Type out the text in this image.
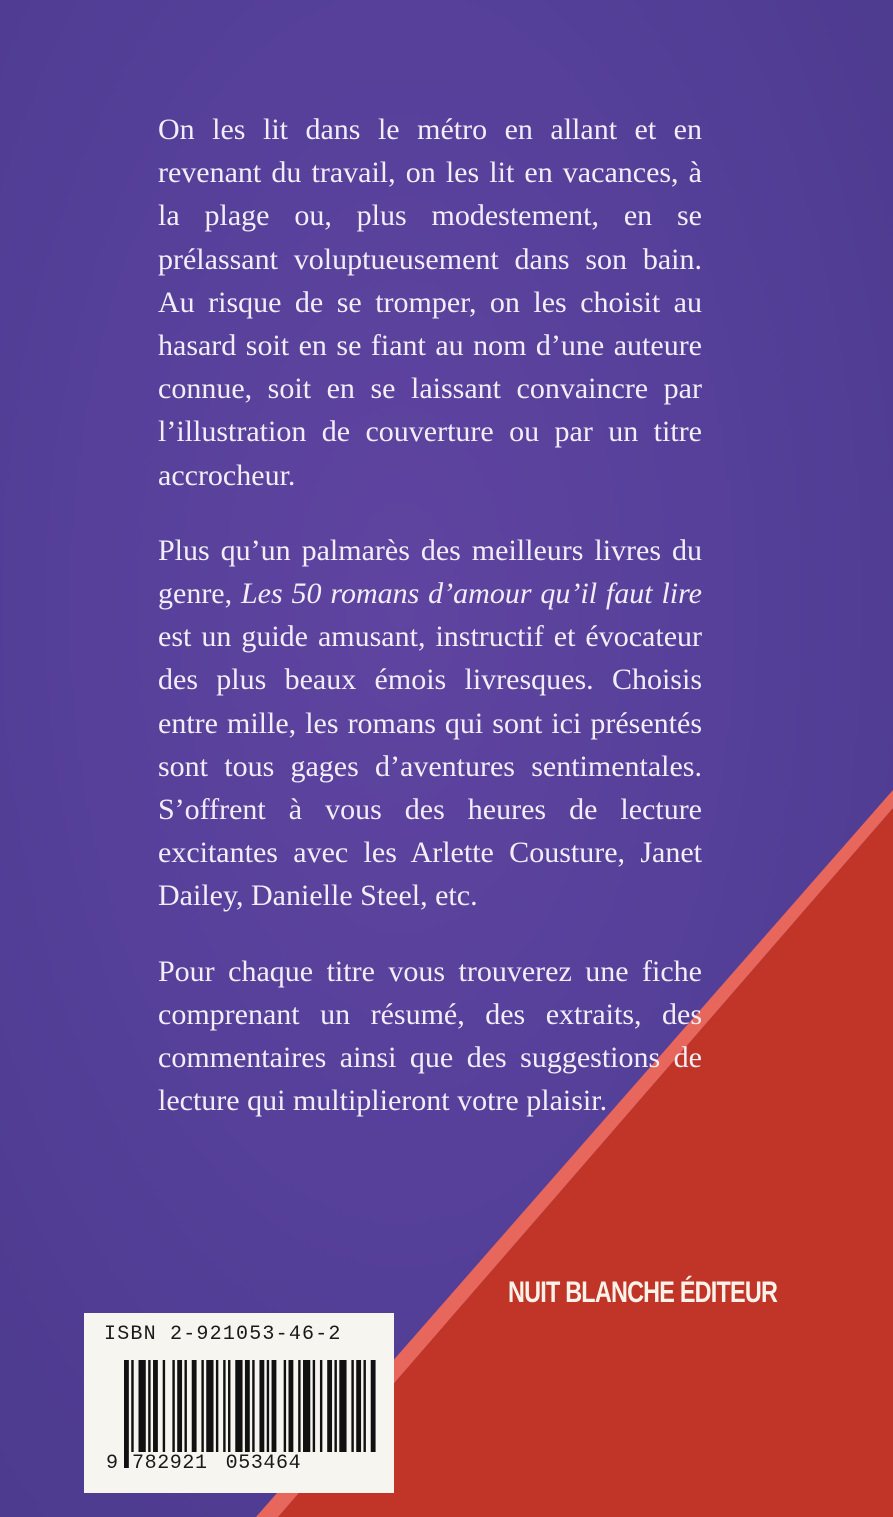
On les lit dans le métro en allant et en revenant du travail, on les lit en vacances, à la plage ou, plus modestement, en se prélassant voluptueusement dans son bain. Au risque de se tromper, on les choisit au hasard soit en se fiant au nom d’une auteure connue, soit en se laissant convaincre par l’illustration de couverture ou par un titre accrocheur.

Plus qu’un palmarès des meilleurs livres du genre, Les 50 romans d’amour qu’il faut lire est un guide amusant, instructif et évocateur des plus beaux émois livresques. Choisis entre mille, les romans qui sont ici présentés sont tous gages d’aventures sentimentales. S’offrent à vous des heures de lecture excitantes avec les Arlette Cousture, Janet Dailey, Danielle Steel, etc.

Pour chaque titre vous trouverez une fiche comprenant un résumé, des extraits, des commentaires ainsi que des suggestions de lecture qui multiplieront votre plaisir.

NUIT BLANCHE ÉDITEUR
ISBN 2-921053-46-2
9 782921 053464
